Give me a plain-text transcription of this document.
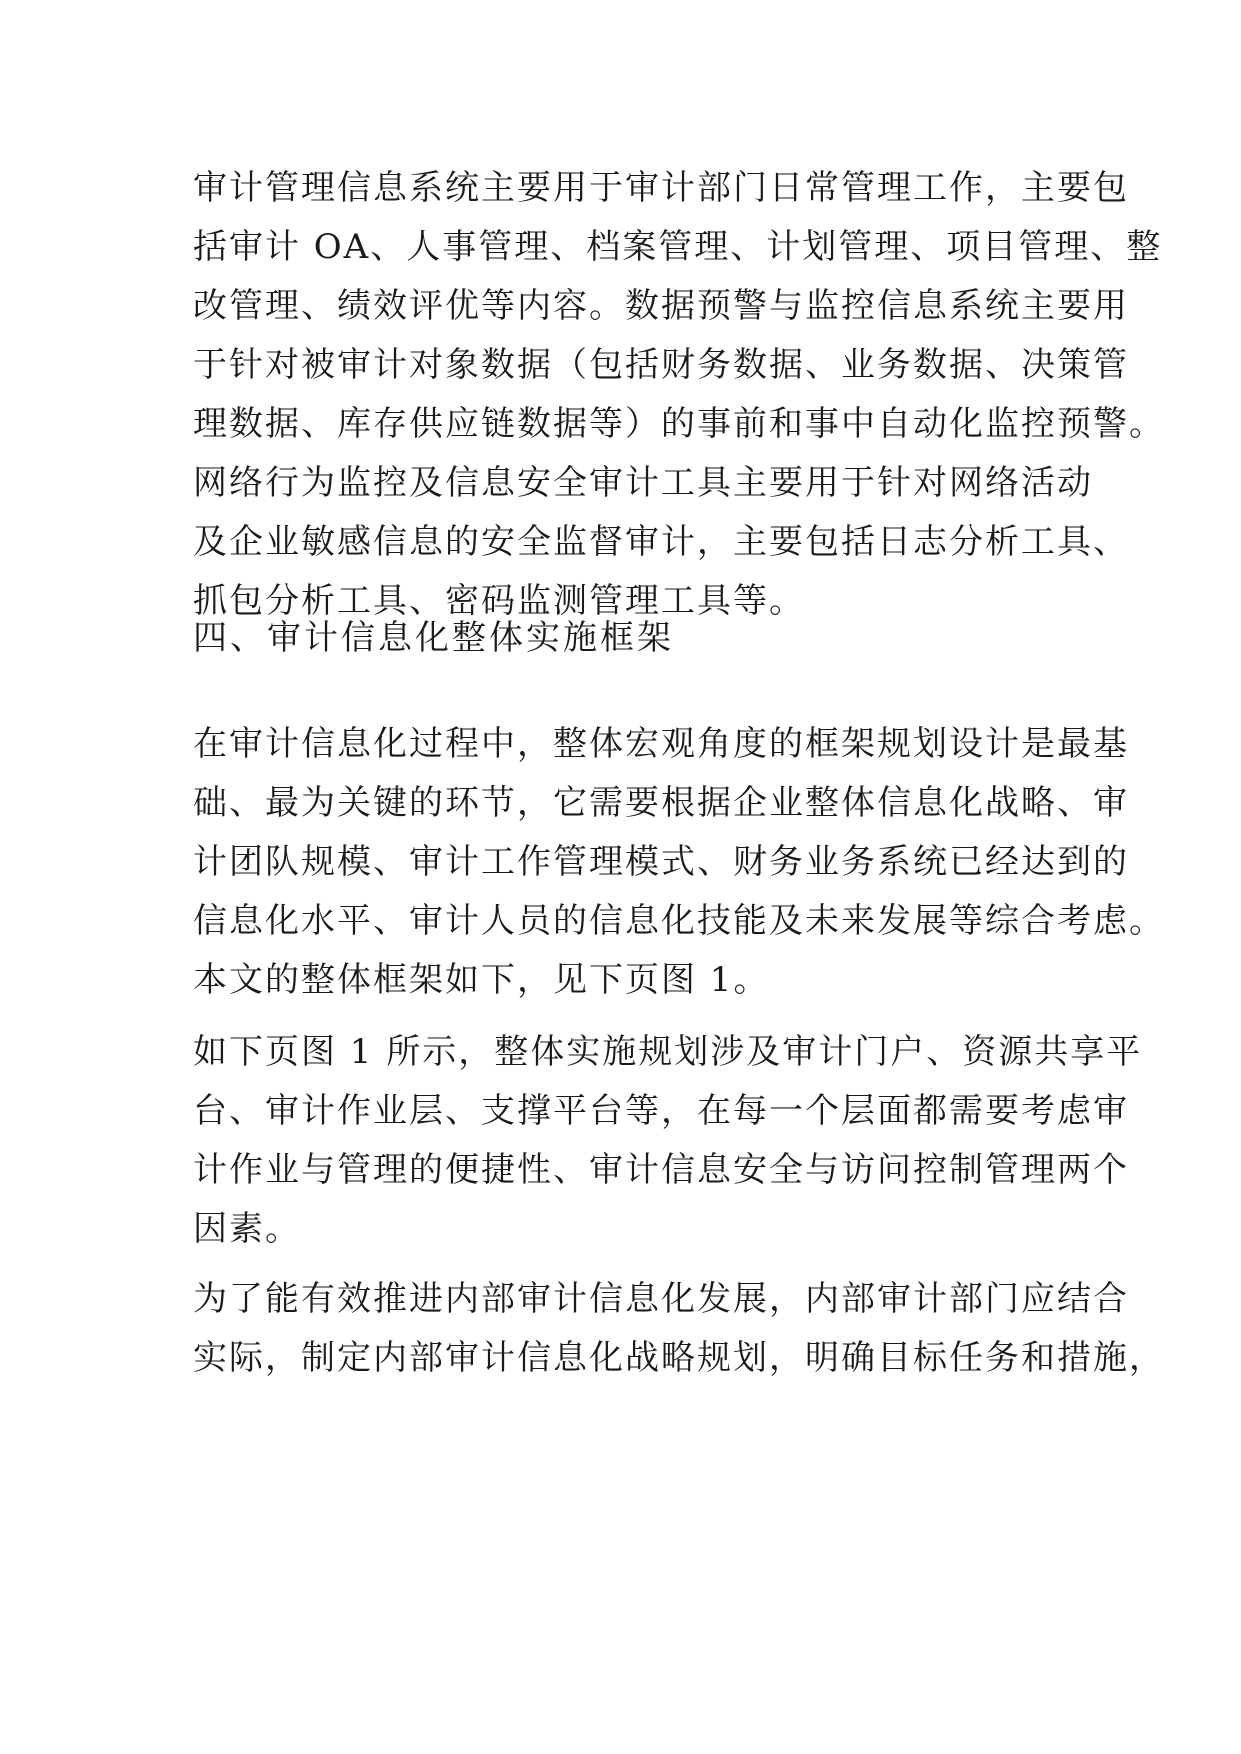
审计管理信息系统主要用于审计部门日常管理工作，主要包
括审计 OA、人事管理、档案管理、计划管理、项目管理、整
改管理、绩效评优等内容。数据预警与监控信息系统主要用
于针对被审计对象数据（包括财务数据、业务数据、决策管
理数据、库存供应链数据等）的事前和事中自动化监控预警。
网络行为监控及信息安全审计工具主要用于针对网络活动
及企业敏感信息的安全监督审计，主要包括日志分析工具、
抓包分析工具、密码监测管理工具等。
四、审计信息化整体实施框架
在审计信息化过程中，整体宏观角度的框架规划设计是最基
础、最为关键的环节，它需要根据企业整体信息化战略、审
计团队规模、审计工作管理模式、财务业务系统已经达到的
信息化水平、审计人员的信息化技能及未来发展等综合考虑。
本文的整体框架如下，见下页图 1。
如下页图 1 所示，整体实施规划涉及审计门户、资源共享平
台、审计作业层、支撑平台等，在每一个层面都需要考虑审
计作业与管理的便捷性、审计信息安全与访问控制管理两个
因素。
为了能有效推进内部审计信息化发展，内部审计部门应结合
实际，制定内部审计信息化战略规划，明确目标任务和措施，
